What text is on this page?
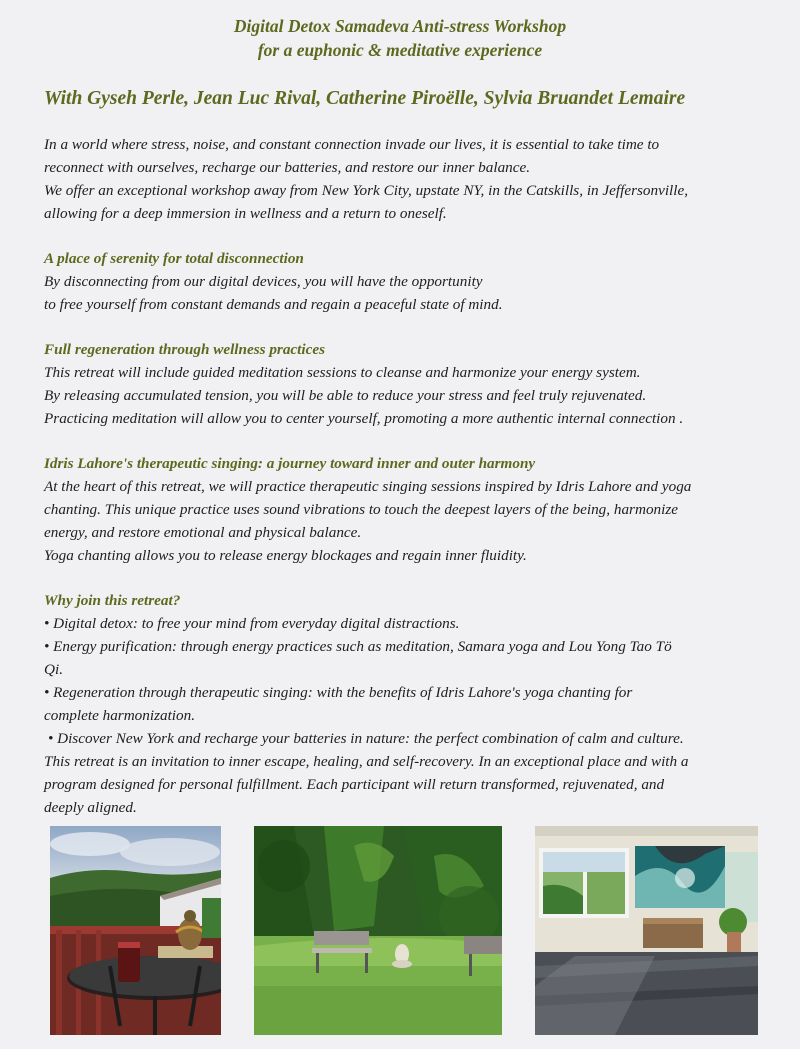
Digital Detox Samadeva Anti-stress Workshop
for a euphonic & meditative experience
With Gyseh Perle, Jean Luc Rival, Catherine Piroëlle, Sylvia Bruandet Lemaire

In a world where stress, noise, and constant connection invade our lives, it is essential to take time to

reconnect with ourselves, recharge our batteries, and restore our inner balance.

We offer an exceptional workshop away from New York City, upstate NY, in the Catskills, in Jeffersonville,

allowing for a deep immersion in wellness and a return to oneself.

A place of serenity for total disconnection

By disconnecting from our digital devices, you will have the opportunity

to free yourself from constant demands and regain a peaceful state of mind.

Full regeneration through wellness practices

This retreat will include guided meditation sessions to cleanse and harmonize your energy system.

By releasing accumulated tension, you will be able to reduce your stress and feel truly rejuvenated.

Practicing meditation will allow you to center yourself, promoting a more authentic internal connection .

Idris Lahore's therapeutic singing: a journey toward inner and outer harmony

At the heart of this retreat, we will practice therapeutic singing sessions inspired by Idris Lahore and yoga

chanting. This unique practice uses sound vibrations to touch the deepest layers of the being, harmonize

energy, and restore emotional and physical balance.

Yoga chanting allows you to release energy blockages and regain inner fluidity.

Why join this retreat?

• Digital detox: to free your mind from everyday digital distractions.

• Energy purification: through energy practices such as meditation, Samara yoga and Lou Yong Tao Tö

Qi.

• Regeneration through therapeutic singing: with the benefits of Idris Lahore's yoga chanting for

complete harmonization.

• Discover New York and recharge your batteries in nature: the perfect combination of calm and culture.

This retreat is an invitation to inner escape, healing, and self-recovery. In an exceptional place and with a

program designed for personal fulfillment. Each participant will return transformed, rejuvenated, and

deeply aligned.
